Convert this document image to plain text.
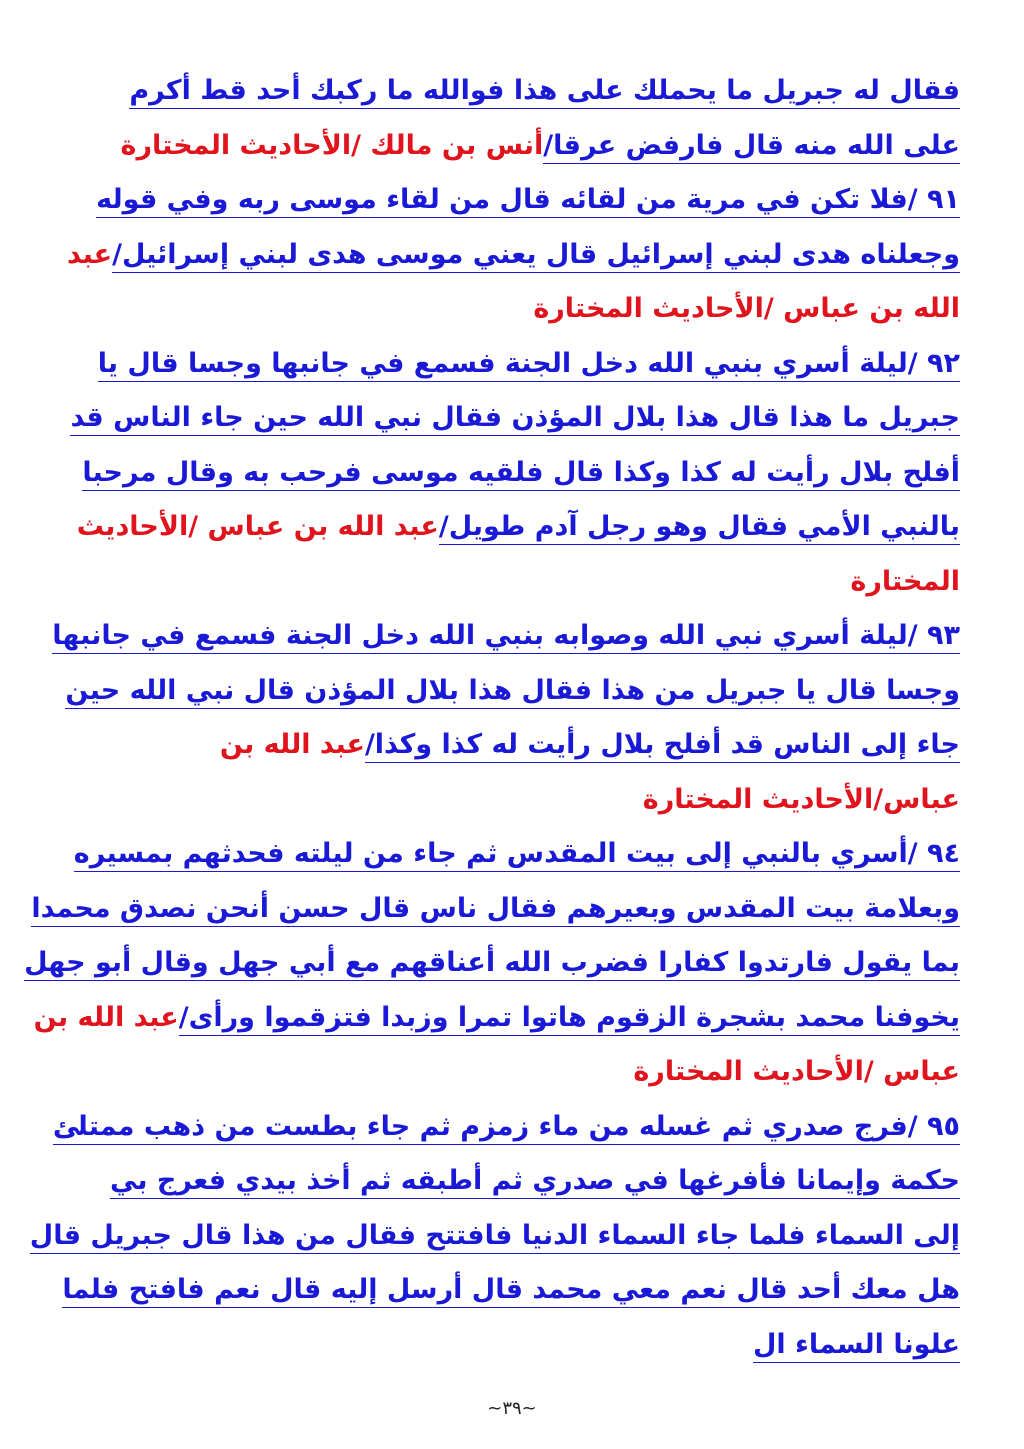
فقال له جبريل ما يحملك على هذا فوالله ما ركبك أحد قط أكرم
على الله منه قال فارفض عرقا/أنس بن مالك /الأحاديث المختارة
٩١ /فلا تكن في مرية من لقائه قال من لقاء موسى ربه وفي قوله
وجعلناه هدى لبني إسرائيل قال يعني موسى هدى لبني إسرائيل/عبد
الله بن عباس /الأحاديث المختارة
٩٢ /ليلة أسري بنبي الله دخل الجنة فسمع في جانبها وجسا قال يا
جبريل ما هذا قال هذا بلال المؤذن فقال نبي الله حين جاء الناس قد
أفلح بلال رأيت له كذا وكذا قال فلقيه موسى فرحب به وقال مرحبا
بالنبي الأمي فقال وهو رجل آدم طويل/عبد الله بن عباس /الأحاديث
المختارة
٩٣ /ليلة أسري نبي الله وصوابه بنبي الله دخل الجنة فسمع في جانبها
وجسا قال يا جبريل من هذا فقال هذا بلال المؤذن قال نبي الله حين
جاء إلى الناس قد أفلح بلال رأيت له كذا وكذا/عبد الله بن
عباس/الأحاديث المختارة
٩٤ /أسري بالنبي إلى بيت المقدس ثم جاء من ليلته فحدثهم بمسيره
وبعلامة بيت المقدس وبعيرهم فقال ناس قال حسن أنحن نصدق محمدا
بما يقول فارتدوا كفارا فضرب الله أعناقهم مع أبي جهل وقال أبو جهل
يخوفنا محمد بشجرة الزقوم هاتوا تمرا وزبدا فتزقموا ورأى/عبد الله بن
عباس /الأحاديث المختارة
٩٥ /فرج صدري ثم غسله من ماء زمزم ثم جاء بطست من ذهب ممتلئ
حكمة وإيمانا فأفرغها في صدري ثم أطبقه ثم أخذ بيدي فعرج بي
إلى السماء فلما جاء السماء الدنيا فافتتح فقال من هذا قال جبريل قال
هل معك أحد قال نعم معي محمد قال أرسل إليه قال نعم فافتح فلما
علونا السماء ال
~٣٩~
